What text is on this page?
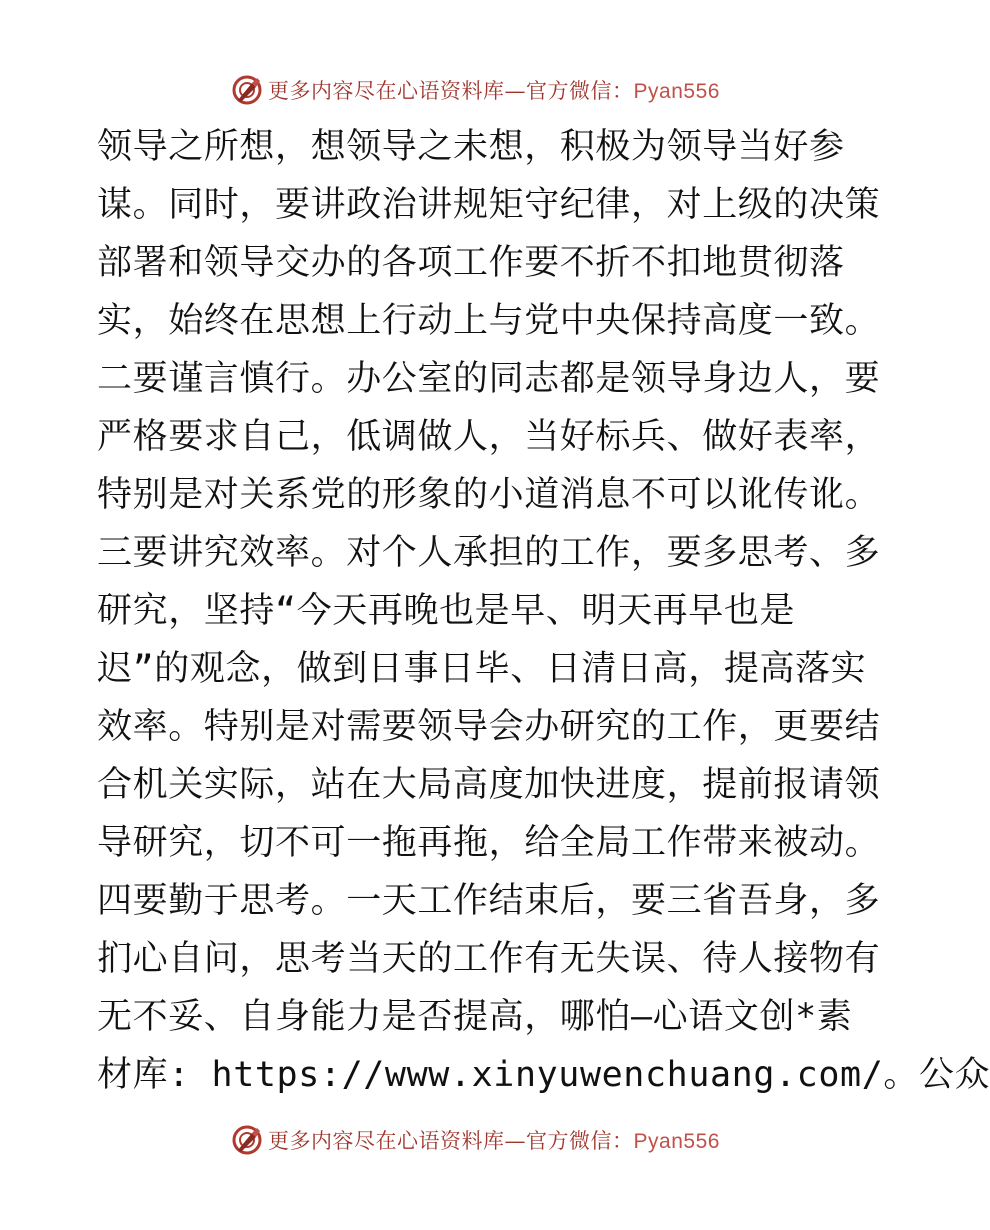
更多内容尽在心语资料库—官方微信：Pyan556
领导之所想，想领导之未想，积极为领导当好参
谋。同时，要讲政治讲规矩守纪律，对上级的决策
部署和领导交办的各项工作要不折不扣地贯彻落
实，始终在思想上行动上与党中央保持高度一致。
二要谨言慎行。办公室的同志都是领导身边人，要
严格要求自己，低调做人，当好标兵、做好表率，
特别是对关系党的形象的小道消息不可以讹传讹。
三要讲究效率。对个人承担的工作，要多思考、多
研究，坚持“今天再晚也是早、明天再早也是
迟”的观念，做到日事日毕、日清日高，提高落实
效率。特别是对需要领导会办研究的工作，更要结
合机关实际，站在大局高度加快进度，提前报请领
导研究，切不可一拖再拖，给全局工作带来被动。
四要勤于思考。一天工作结束后，要三省吾身，多
扪心自问，思考当天的工作有无失误、待人接物有
无不妥、自身能力是否提高，哪怕—心语文创*素
材库: https://www.xinyuwenchuang.com/。公众
更多内容尽在心语资料库—官方微信：Pyan556
